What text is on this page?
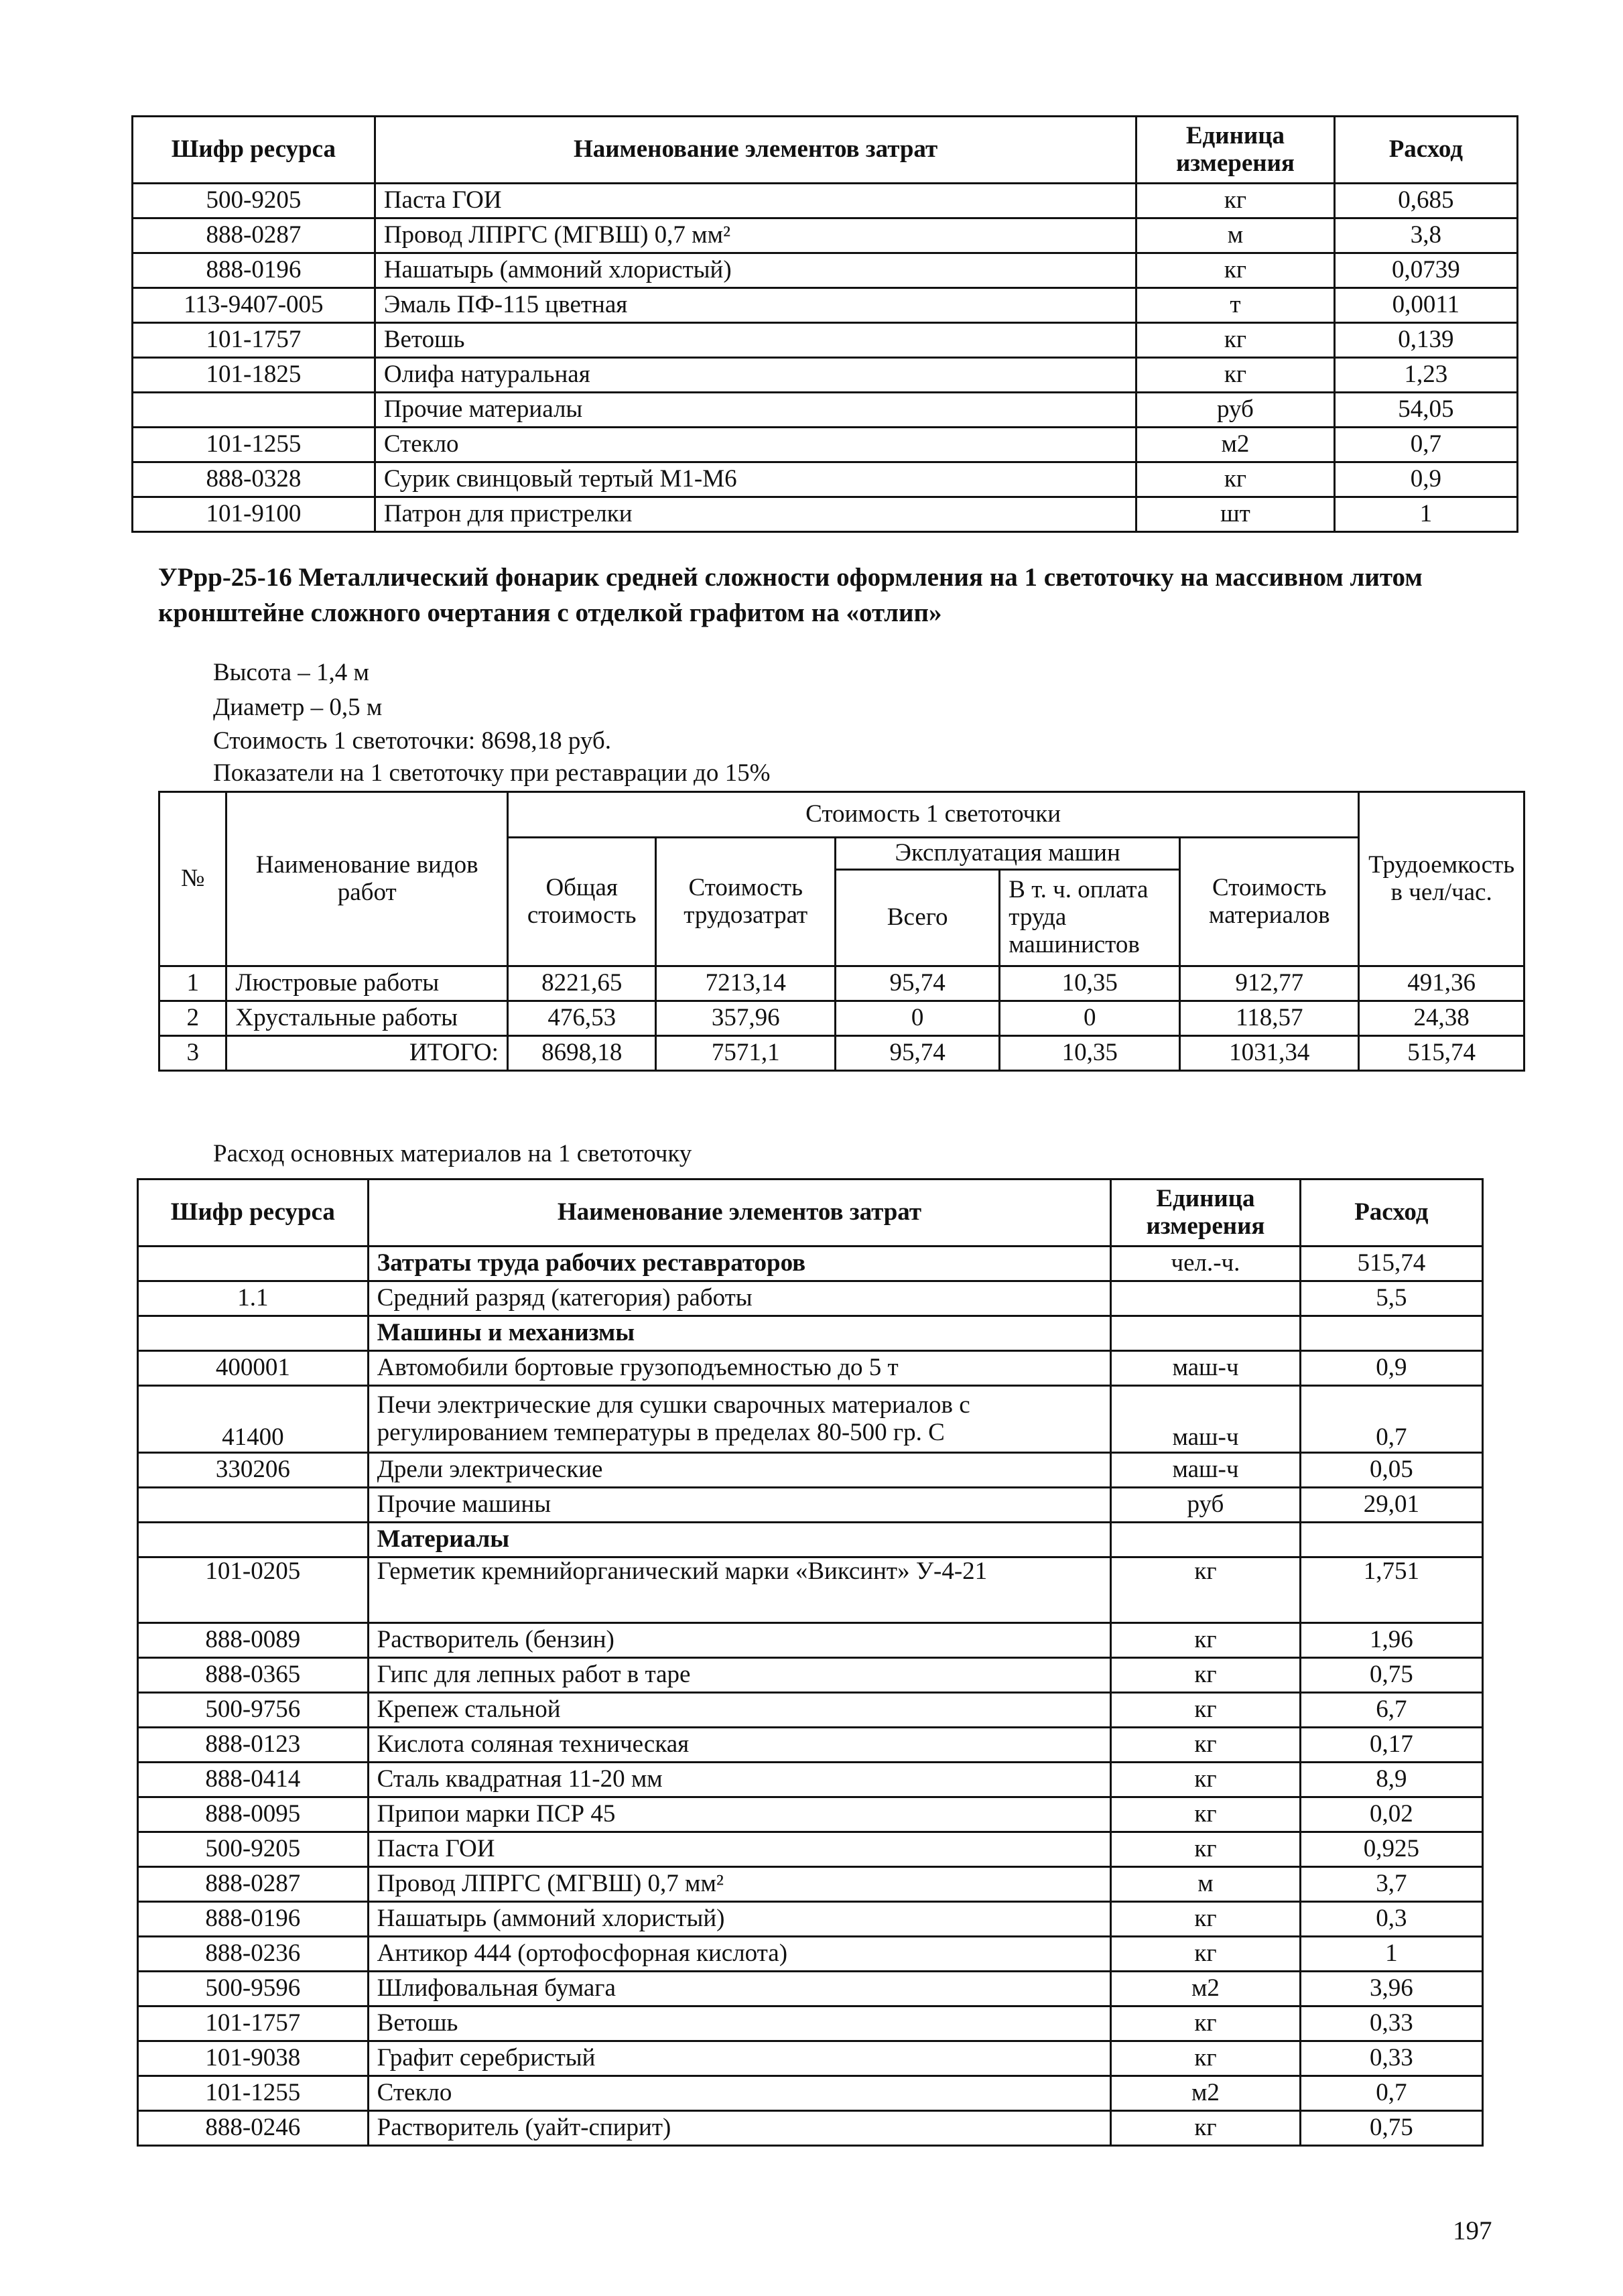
Шифр ресурса	Наименование элементов затрат	Единица измерения	Расход
500-9205	Паста ГОИ	кг	0,685
888-0287	Провод ЛПРГС (МГВШ) 0,7 мм²	м	3,8
888-0196	Нашатырь (аммоний хлористый)	кг	0,0739
113-9407-005	Эмаль ПФ-115 цветная	т	0,0011
101-1757	Ветошь	кг	0,139
101-1825	Олифа натуральная	кг	1,23
	Прочие материалы	руб	54,05
101-1255	Стекло	м2	0,7
888-0328	Сурик свинцовый тертый М1-М6	кг	0,9
101-9100	Патрон для пристрелки	шт	1
УРрр-25-16 Металлический фонарик средней сложности оформления на 1 светоточку на массивном литом кронштейне сложного очертания с отделкой графитом на «отлип»
Высота – 1,4 м
Диаметр – 0,5 м
Стоимость 1 светоточки: 8698,18 руб.
Показатели на 1 светоточку при реставрации до 15%
№	Наименование видов работ	Стоимость 1 светоточки					Трудоемкость в чел/час.
		Общая стоимость	Стоимость трудозатрат	Эксплуатация машин		Стоимость материалов	
				Всего	В т. ч. оплата труда машинистов		
1	Люстровые работы	8221,65	7213,14	95,74	10,35	912,77	491,36
2	Хрустальные работы	476,53	357,96	0	0	118,57	24,38
3	ИТОГО:	8698,18	7571,1	95,74	10,35	1031,34	515,74
Расход основных материалов на 1 светоточку
Шифр ресурса	Наименование элементов затрат	Единица измерения	Расход
	Затраты труда рабочих реставраторов	чел.-ч.	515,74
1.1	Средний разряд (категория) работы		5,5
	Машины и механизмы		
400001	Автомобили бортовые грузоподъемностью до 5 т	маш-ч	0,9
41400	Печи электрические для сушки сварочных материалов с регулированием температуры в пределах 80-500 гр. С	маш-ч	0,7
330206	Дрели электрические	маш-ч	0,05
	Прочие машины	руб	29,01
	Материалы		
101-0205	Герметик кремнийорганический марки «Виксинт» У-4-21	кг	1,751
888-0089	Растворитель (бензин)	кг	1,96
888-0365	Гипс для лепных работ в таре	кг	0,75
500-9756	Крепеж стальной	кг	6,7
888-0123	Кислота соляная техническая	кг	0,17
888-0414	Сталь квадратная 11-20 мм	кг	8,9
888-0095	Припои марки ПСР 45	кг	0,02
500-9205	Паста ГОИ	кг	0,925
888-0287	Провод ЛПРГС (МГВШ) 0,7 мм²	м	3,7
888-0196	Нашатырь (аммоний хлористый)	кг	0,3
888-0236	Антикор 444 (ортофосфорная кислота)	кг	1
500-9596	Шлифовальная бумага	м2	3,96
101-1757	Ветошь	кг	0,33
101-9038	Графит серебристый	кг	0,33
101-1255	Стекло	м2	0,7
888-0246	Растворитель (уайт-спирит)	кг	0,75
197
